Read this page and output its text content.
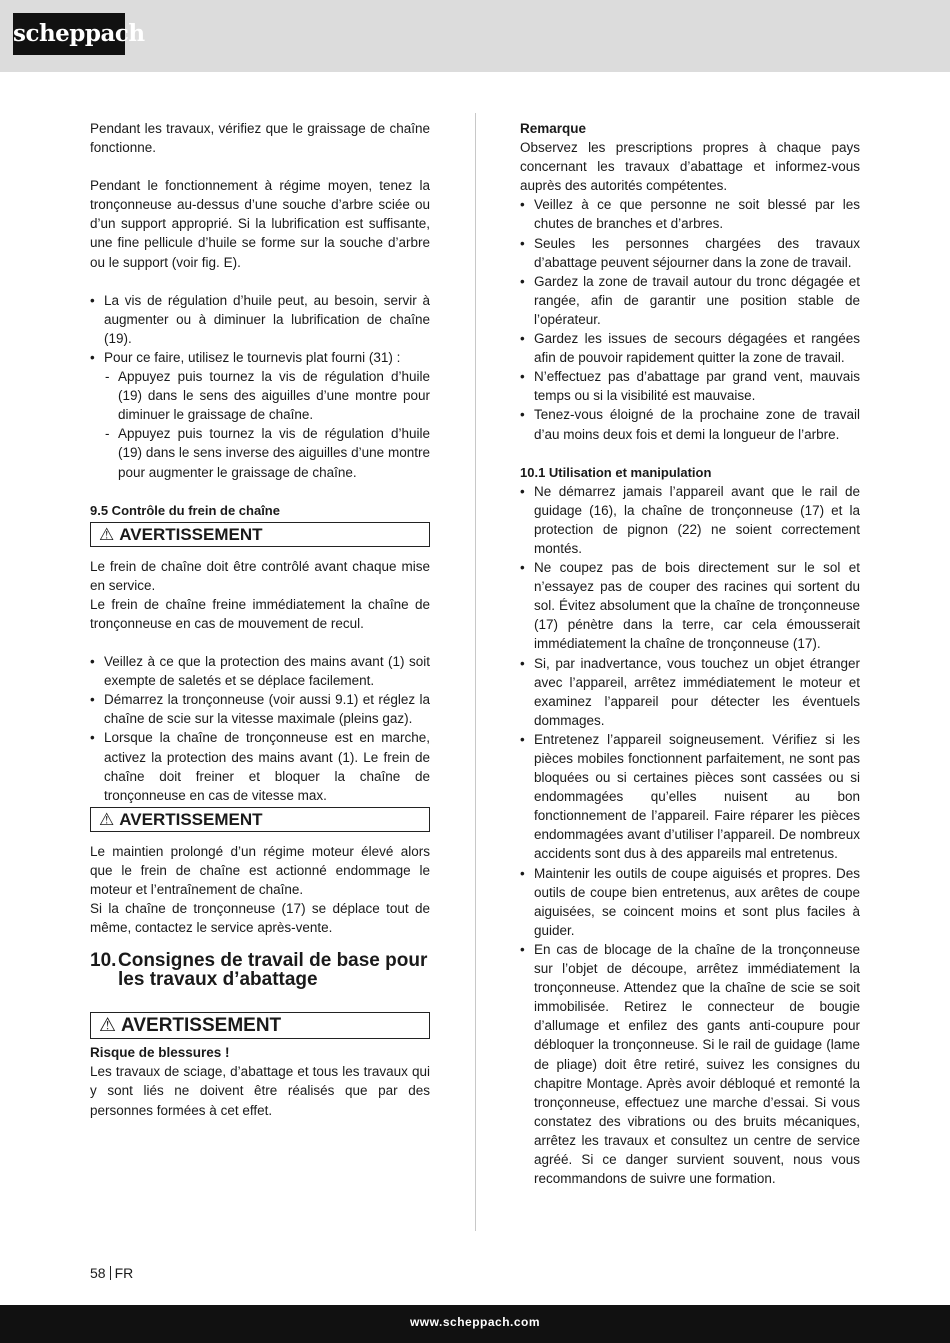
scheppach

Pendant les travaux, vérifiez que le graissage de chaîne fonctionne.

Pendant le fonctionnement à régime moyen, tenez la tronçonneuse au-dessus d’une souche d’arbre sciée ou d’un support approprié. Si la lubrification est suffisante, une fine pellicule d’huile se forme sur la souche d’arbre ou le support (voir fig. E).

• La vis de régulation d’huile peut, au besoin, servir à augmenter ou à diminuer la lubrification de chaîne (19).
• Pour ce faire, utilisez le tournevis plat fourni (31) :
- Appuyez puis tournez la vis de régulation d’huile (19) dans le sens des aiguilles d’une montre pour diminuer le graissage de chaîne.
- Appuyez puis tournez la vis de régulation d’huile (19) dans le sens inverse des aiguilles d’une montre pour augmenter le graissage de chaîne.
9.5 Contrôle du frein de chaîne
⚠ AVERTISSEMENT

Le frein de chaîne doit être contrôlé avant chaque mise en service.

Le frein de chaîne freine immédiatement la chaîne de tronçonneuse en cas de mouvement de recul.

• Veillez à ce que la protection des mains avant (1) soit exempte de saletés et se déplace facilement.
• Démarrez la tronçonneuse (voir aussi 9.1) et réglez la chaîne de scie sur la vitesse maximale (pleins gaz).
• Lorsque la chaîne de tronçonneuse est en marche, activez la protection des mains avant (1). Le frein de chaîne doit freiner et bloquer la chaîne de tronçonneuse en cas de vitesse max.
⚠ AVERTISSEMENT

Le maintien prolongé d’un régime moteur élevé alors que le frein de chaîne est actionné endommage le moteur et l’entraînement de chaîne.

Si la chaîne de tronçonneuse (17) se déplace tout de même, contactez le service après-vente.

10. Consignes de travail de base pour les travaux d’abattage
⚠ AVERTISSEMENT

Risque de blessures !

Les travaux de sciage, d’abattage et tous les travaux qui y sont liés ne doivent être réalisés que par des personnes formées à cet effet.

Remarque

Observez les prescriptions propres à chaque pays concernant les travaux d’abattage et informez-vous auprès des autorités compétentes.

• Veillez à ce que personne ne soit blessé par les chutes de branches et d’arbres.
• Seules les personnes chargées des travaux d’abattage peuvent séjourner dans la zone de travail.
• Gardez la zone de travail autour du tronc dégagée et rangée, afin de garantir une position stable de l’opérateur.
• Gardez les issues de secours dégagées et rangées afin de pouvoir rapidement quitter la zone de travail.
• N’effectuez pas d’abattage par grand vent, mauvais temps ou si la visibilité est mauvaise.
• Tenez-vous éloigné de la prochaine zone de travail d’au moins deux fois et demi la longueur de l’arbre.
10.1 Utilisation et manipulation
• Ne démarrez jamais l’appareil avant que le rail de guidage (16), la chaîne de tronçonneuse (17) et la protection de pignon (22) ne soient correctement montés.
• Ne coupez pas de bois directement sur le sol et n’essayez pas de couper des racines qui sortent du sol. Évitez absolument que la chaîne de tronçonneuse (17) pénètre dans la terre, car cela émousserait immédiatement la chaîne de tronçonneuse (17).
• Si, par inadvertance, vous touchez un objet étranger avec l’appareil, arrêtez immédiatement le moteur et examinez l’appareil pour détecter les éventuels dommages.
• Entretenez l’appareil soigneusement. Vérifiez si les pièces mobiles fonctionnent parfaitement, ne sont pas bloquées ou si certaines pièces sont cassées ou si endommagées qu’elles nuisent au bon fonctionnement de l’appareil. Faire réparer les pièces endommagées avant d’utiliser l’appareil. De nombreux accidents sont dus à des appareils mal entretenus.
• Maintenir les outils de coupe aiguisés et propres. Des outils de coupe bien entretenus, aux arêtes de coupe aiguisées, se coincent moins et sont plus faciles à guider.
• En cas de blocage de la chaîne de la tronçonneuse sur l’objet de découpe, arrêtez immédiatement la tronçonneuse. Attendez que la chaîne de scie se soit immobilisée. Retirez le connecteur de bougie d’allumage et enfilez des gants anti-coupure pour débloquer la tronçonneuse. Si le rail de guidage (lame de pliage) doit être retiré, suivez les consignes du chapitre Montage. Après avoir débloqué et remonté la tronçonneuse, effectuez une marche d’essai. Si vous constatez des vibrations ou des bruits mécaniques, arrêtez les travaux et consultez un centre de service agréé. Si ce danger survient souvent, nous vous recommandons de suivre une formation.
58 FR
www.scheppach.com
